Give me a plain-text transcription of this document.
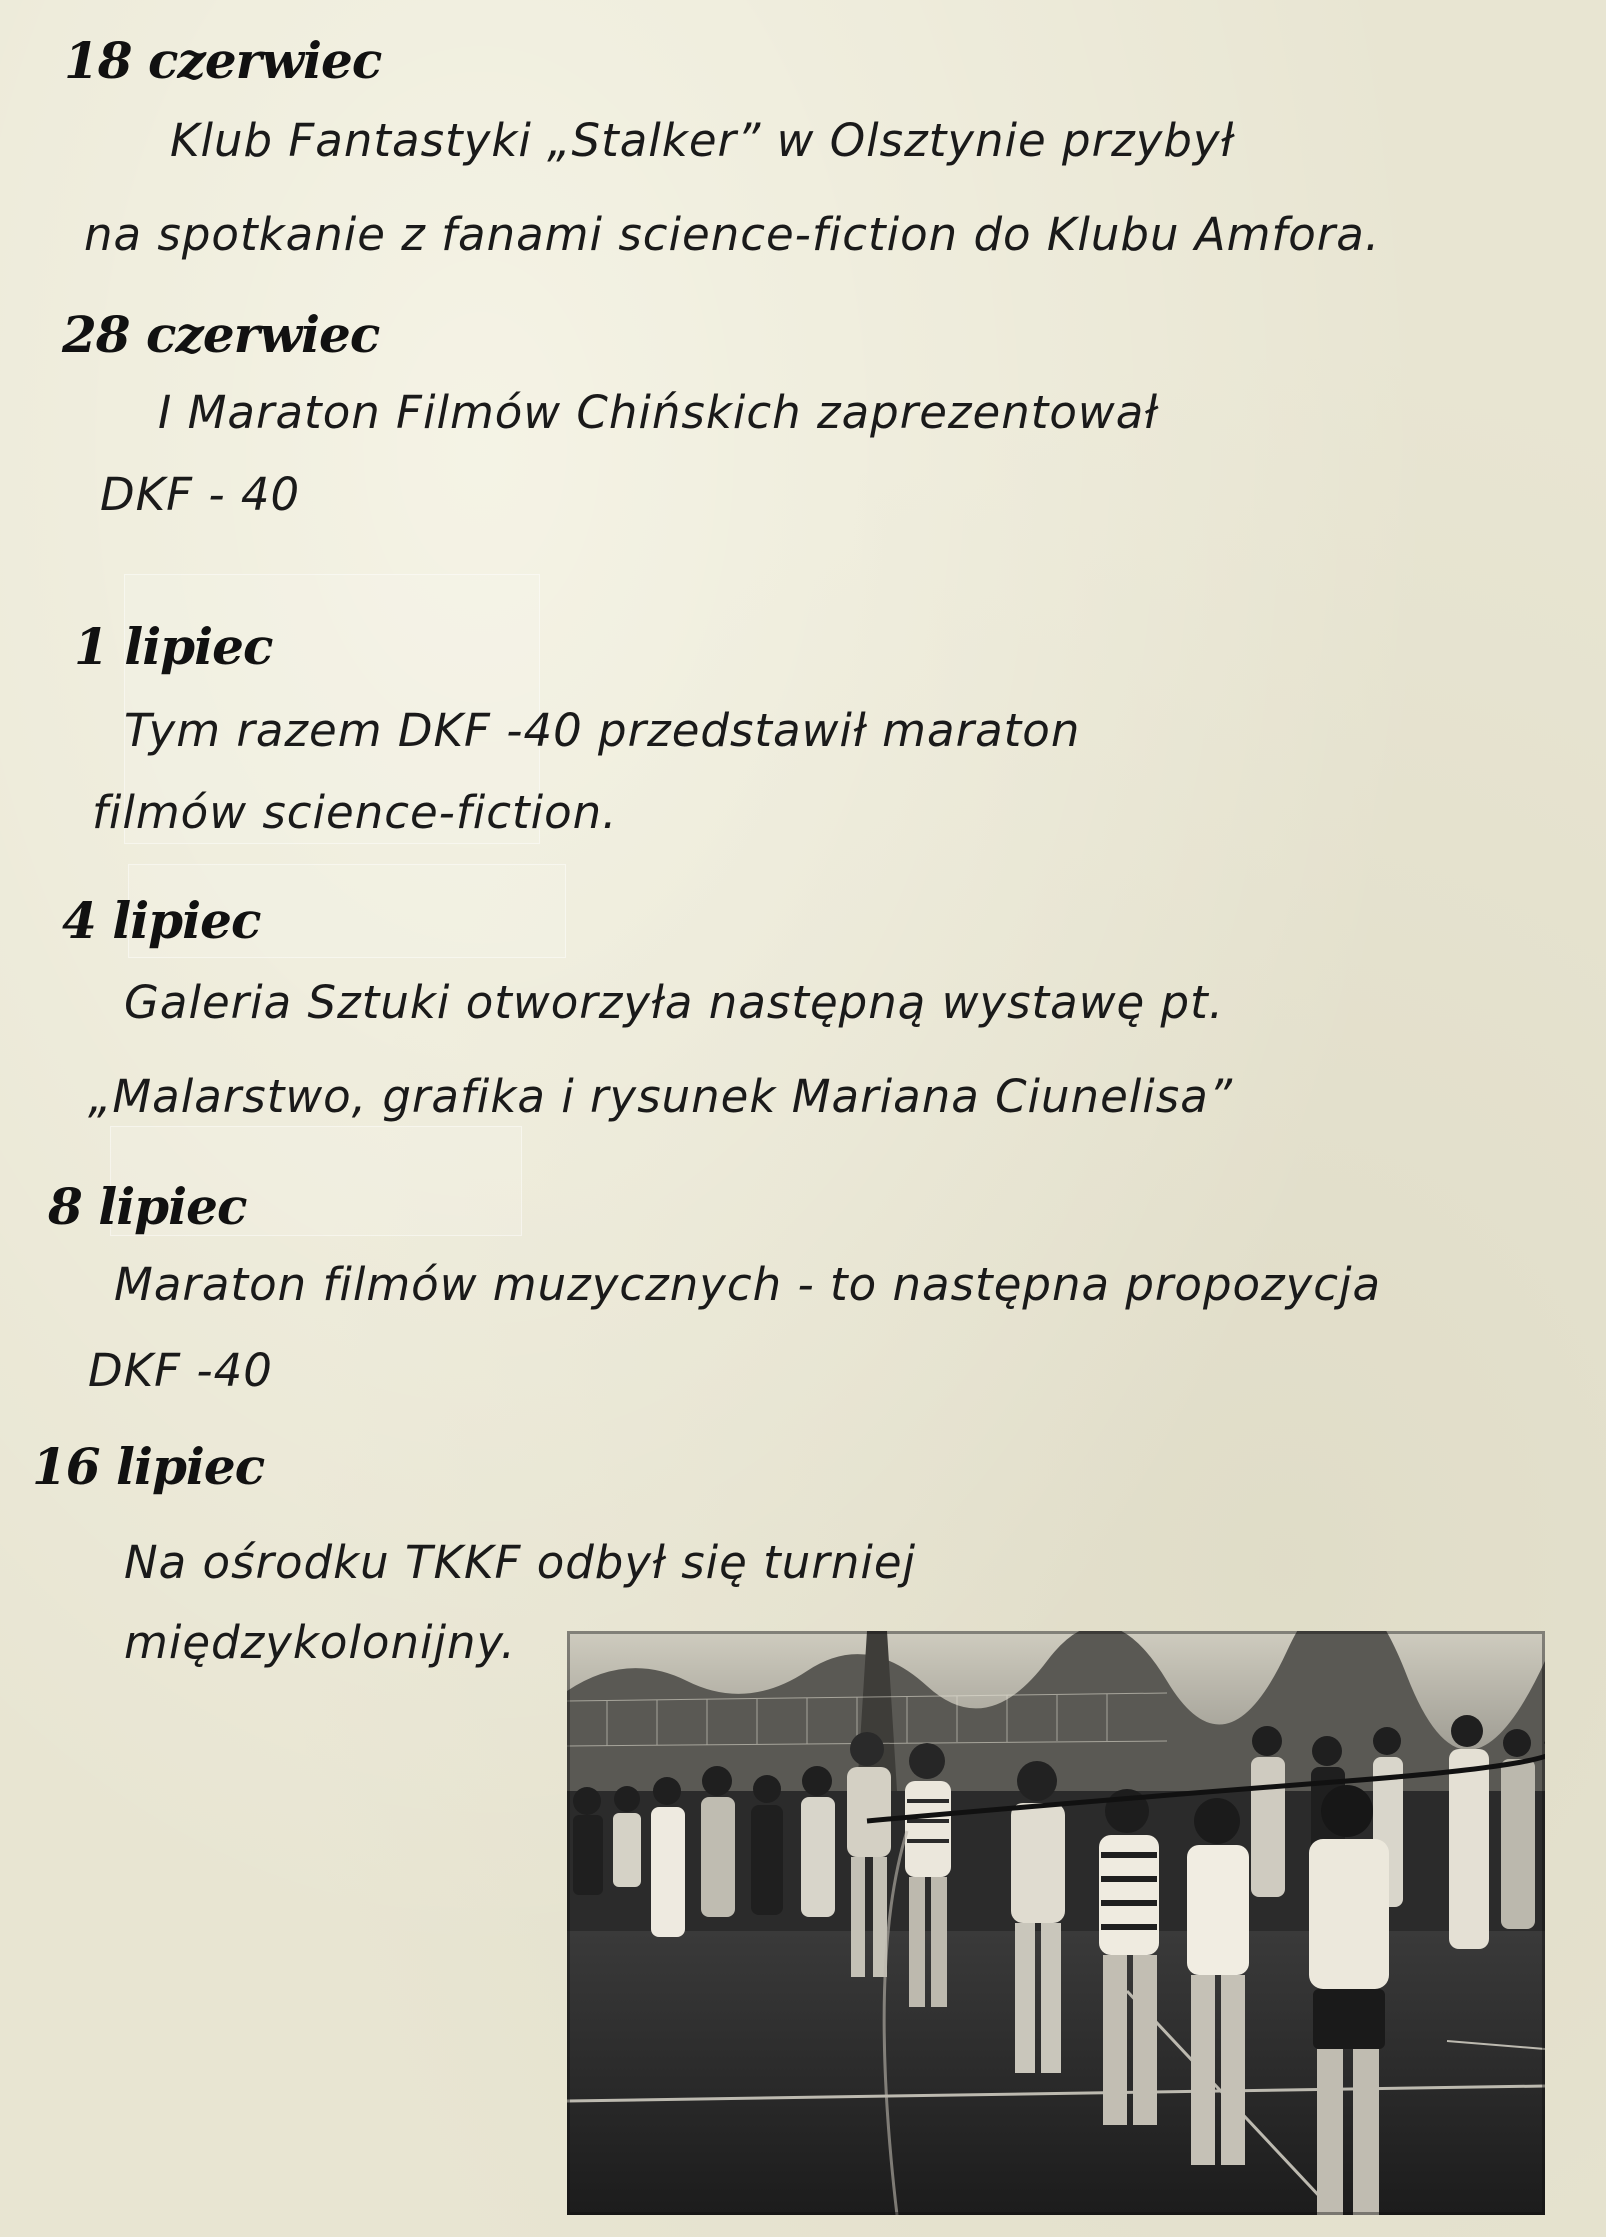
18 czerwiec
Klub Fantastyki „Stalker” w Olsztynie przybył
na spotkanie z fanami science-fiction do Klubu Amfora.
28 czerwiec
I Maraton Filmów Chińskich zaprezentował
DKF - 40
1 lipiec
Tym razem DKF -40 przedstawił maraton
filmów science-fiction.
4 lipiec
Galeria Sztuki otworzyła następną wystawę pt.
„Malarstwo, grafika i rysunek Mariana Ciunelisa”
8 lipiec
Maraton filmów muzycznych - to następna propozycja
DKF -40
16 lipiec
Na ośrodku TKKF odbył się turniej
międzykolonijny.
